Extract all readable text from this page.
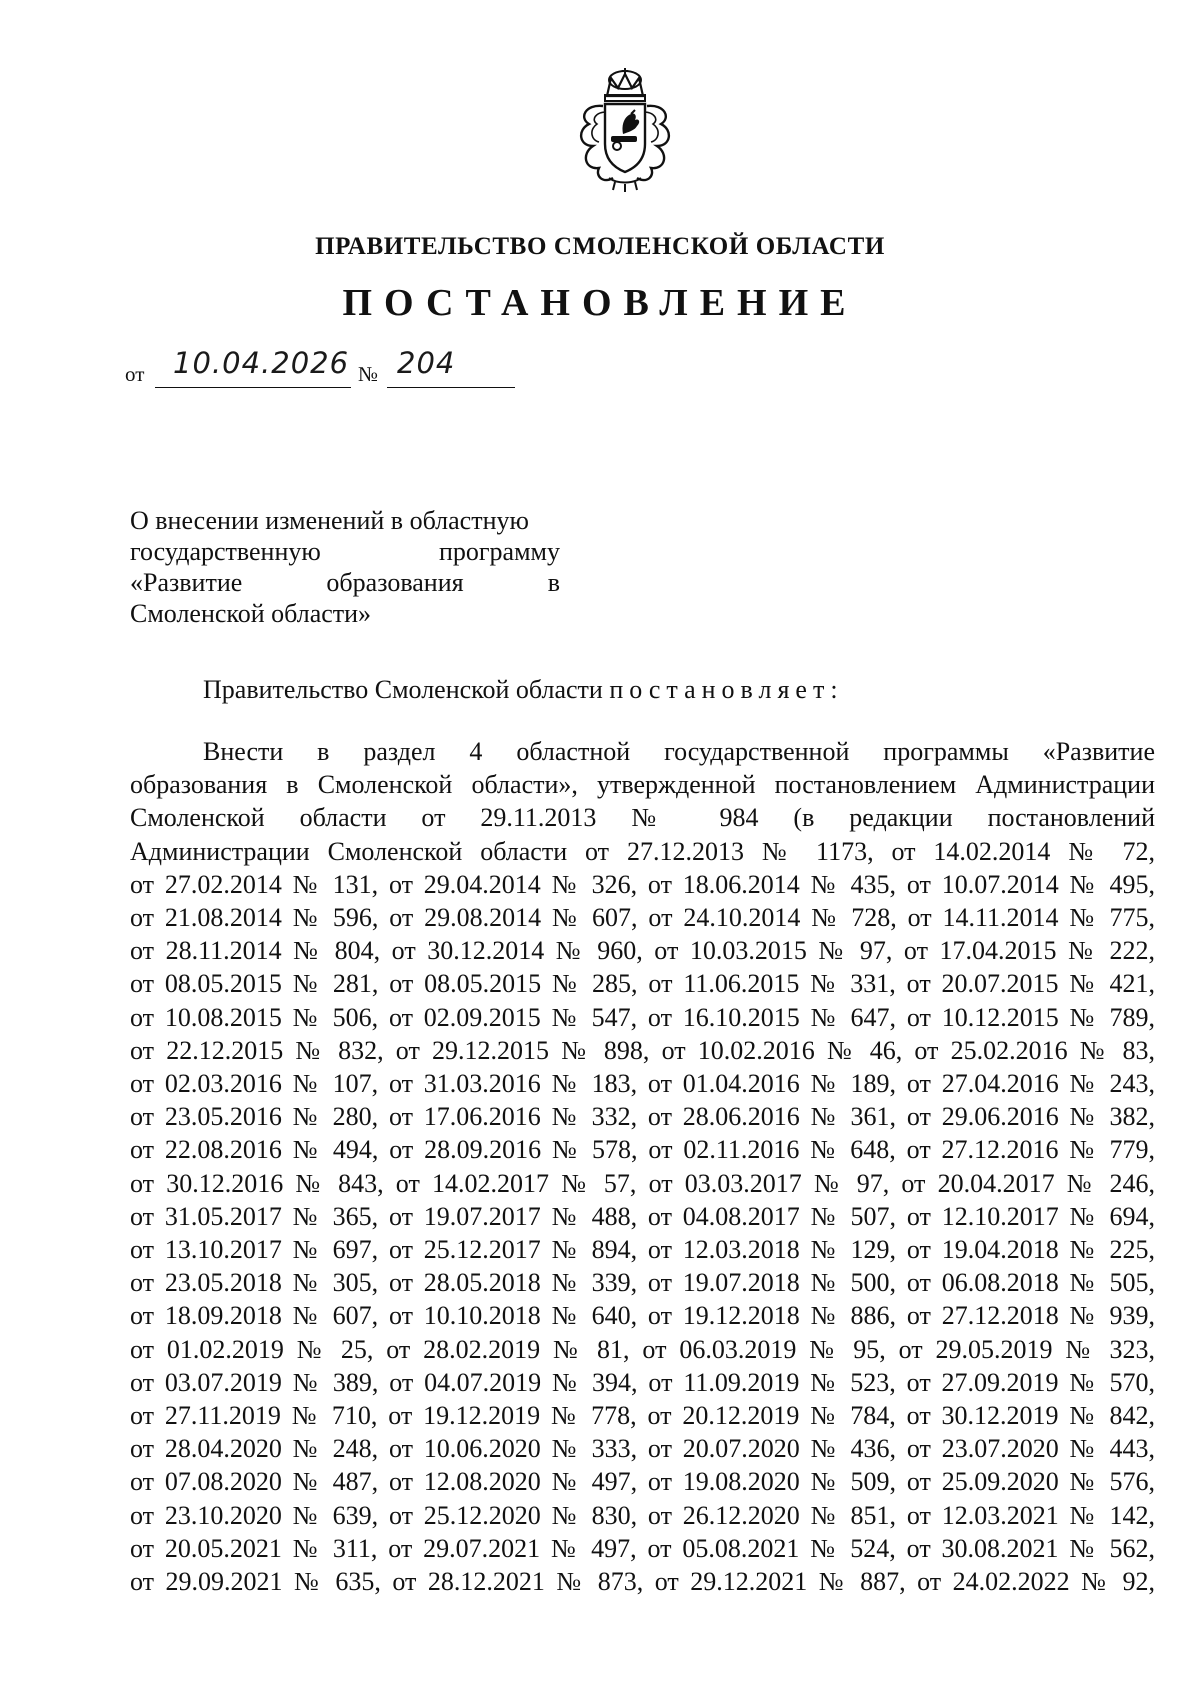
ПРАВИТЕЛЬСТВО СМОЛЕНСКОЙ ОБЛАСТИ
ПОСТАНОВЛЕНИЕ
от 10.04.2026 № 204
О внесении изменений в областную
государственную программу
«Развитие образования в
Смоленской области»
Правительство Смоленской области постановляет:
Внести в раздел 4 областной государственной программы «Развитие
образования в Смоленской области», утвержденной постановлением Администрации
Смоленской области от 29.11.2013 № 984 (в редакции постановлений
Администрации Смоленской области от 27.12.2013 № 1173, от 14.02.2014 № 72,
от 27.02.2014 № 131, от 29.04.2014 № 326, от 18.06.2014 № 435, от 10.07.2014 № 495,
от 21.08.2014 № 596, от 29.08.2014 № 607, от 24.10.2014 № 728, от 14.11.2014 № 775,
от 28.11.2014 № 804, от 30.12.2014 № 960, от 10.03.2015 № 97, от 17.04.2015 № 222,
от 08.05.2015 № 281, от 08.05.2015 № 285, от 11.06.2015 № 331, от 20.07.2015 № 421,
от 10.08.2015 № 506, от 02.09.2015 № 547, от 16.10.2015 № 647, от 10.12.2015 № 789,
от 22.12.2015 № 832, от 29.12.2015 № 898, от 10.02.2016 № 46, от 25.02.2016 № 83,
от 02.03.2016 № 107, от 31.03.2016 № 183, от 01.04.2016 № 189, от 27.04.2016 № 243,
от 23.05.2016 № 280, от 17.06.2016 № 332, от 28.06.2016 № 361, от 29.06.2016 № 382,
от 22.08.2016 № 494, от 28.09.2016 № 578, от 02.11.2016 № 648, от 27.12.2016 № 779,
от 30.12.2016 № 843, от 14.02.2017 № 57, от 03.03.2017 № 97, от 20.04.2017 № 246,
от 31.05.2017 № 365, от 19.07.2017 № 488, от 04.08.2017 № 507, от 12.10.2017 № 694,
от 13.10.2017 № 697, от 25.12.2017 № 894, от 12.03.2018 № 129, от 19.04.2018 № 225,
от 23.05.2018 № 305, от 28.05.2018 № 339, от 19.07.2018 № 500, от 06.08.2018 № 505,
от 18.09.2018 № 607, от 10.10.2018 № 640, от 19.12.2018 № 886, от 27.12.2018 № 939,
от 01.02.2019 № 25, от 28.02.2019 № 81, от 06.03.2019 № 95, от 29.05.2019 № 323,
от 03.07.2019 № 389, от 04.07.2019 № 394, от 11.09.2019 № 523, от 27.09.2019 № 570,
от 27.11.2019 № 710, от 19.12.2019 № 778, от 20.12.2019 № 784, от 30.12.2019 № 842,
от 28.04.2020 № 248, от 10.06.2020 № 333, от 20.07.2020 № 436, от 23.07.2020 № 443,
от 07.08.2020 № 487, от 12.08.2020 № 497, от 19.08.2020 № 509, от 25.09.2020 № 576,
от 23.10.2020 № 639, от 25.12.2020 № 830, от 26.12.2020 № 851, от 12.03.2021 № 142,
от 20.05.2021 № 311, от 29.07.2021 № 497, от 05.08.2021 № 524, от 30.08.2021 № 562,
от 29.09.2021 № 635, от 28.12.2021 № 873, от 29.12.2021 № 887, от 24.02.2022 № 92,
